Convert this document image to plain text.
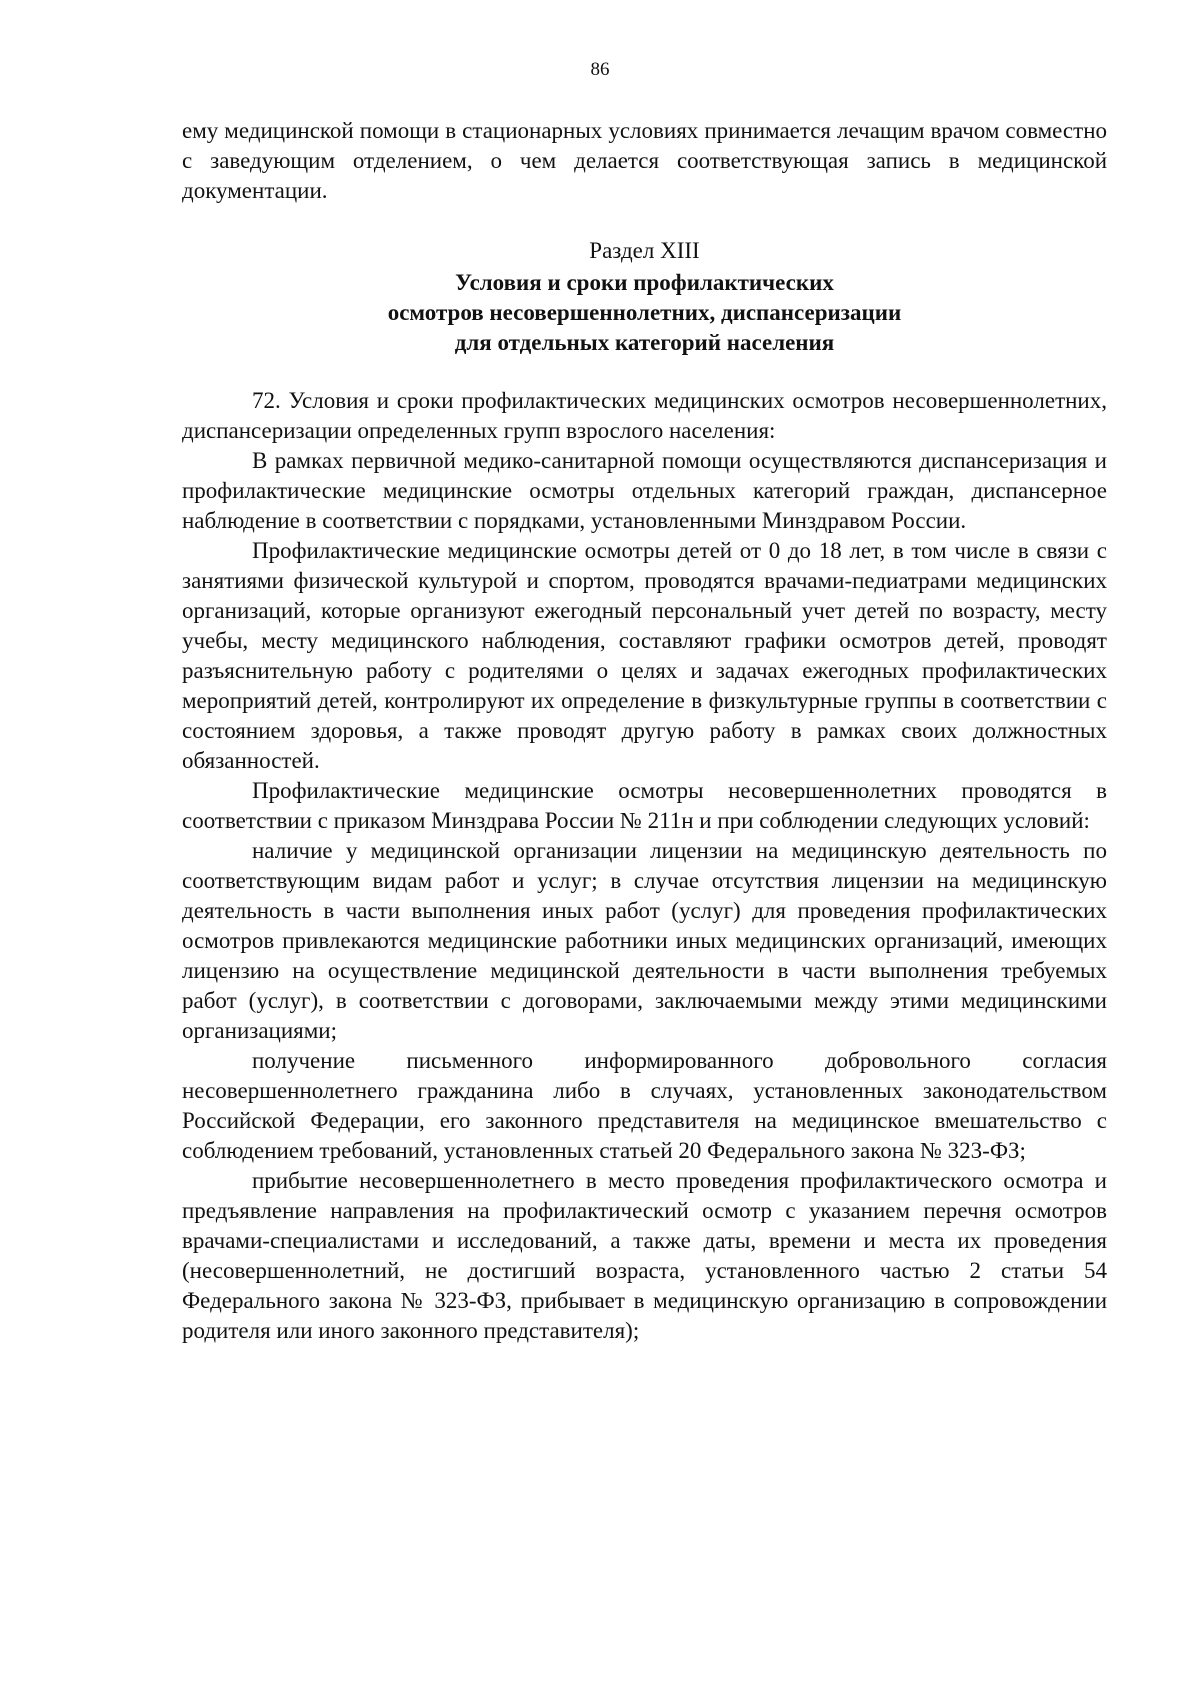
86

ему медицинской помощи в стационарных условиях принимается лечащим врачом совместно с заведующим отделением, о чем делается соответствующая запись в медицинской документации.

Раздел XIII
Условия и сроки профилактических
осмотров несовершеннолетних, диспансеризации
для отдельных категорий населения

72. Условия и сроки профилактических медицинских осмотров несовершеннолетних, диспансеризации определенных групп взрослого населения:

В рамках первичной медико-санитарной помощи осуществляются диспансеризация и профилактические медицинские осмотры отдельных категорий граждан, диспансерное наблюдение в соответствии с порядками, установленными Минздравом России.

Профилактические медицинские осмотры детей от 0 до 18 лет, в том числе в связи с занятиями физической культурой и спортом, проводятся врачами-педиатрами медицинских организаций, которые организуют ежегодный персональный учет детей по возрасту, месту учебы, месту медицинского наблюдения, составляют графики осмотров детей, проводят разъяснительную работу с родителями о целях и задачах ежегодных профилактических мероприятий детей, контролируют их определение в физкультурные группы в соответствии с состоянием здоровья, а также проводят другую работу в рамках своих должностных обязанностей.

Профилактические медицинские осмотры несовершеннолетних проводятся в соответствии с приказом Минздрава России № 211н и при соблюдении следующих условий:

наличие у медицинской организации лицензии на медицинскую деятельность по соответствующим видам работ и услуг; в случае отсутствия лицензии на медицинскую деятельность в части выполнения иных работ (услуг) для проведения профилактических осмотров привлекаются медицинские работники иных медицинских организаций, имеющих лицензию на осуществление медицинской деятельности в части выполнения требуемых работ (услуг), в соответствии с договорами, заключаемыми между этими медицинскими организациями;

получение письменного информированного добровольного согласия несовершеннолетнего гражданина либо в случаях, установленных законодательством Российской Федерации, его законного представителя на медицинское вмешательство с соблюдением требований, установленных статьей 20 Федерального закона № 323-ФЗ;

прибытие несовершеннолетнего в место проведения профилактического осмотра и предъявление направления на профилактический осмотр с указанием перечня осмотров врачами-специалистами и исследований, а также даты, времени и места их проведения (несовершеннолетний, не достигший возраста, установленного частью 2 статьи 54 Федерального закона № 323-ФЗ, прибывает в медицинскую организацию в сопровождении родителя или иного законного представителя);
